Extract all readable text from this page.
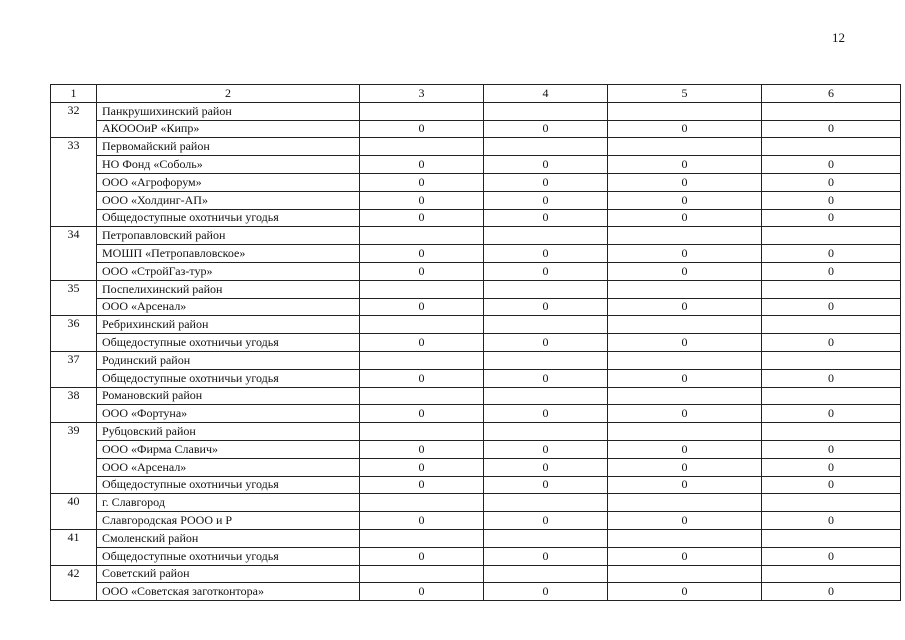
12
1	2	3	4	5	6
32	Панкрушихинский район				
	АКОООиР «Кипр»	0	0	0	0
33	Первомайский район				
	НО Фонд «Соболь»	0	0	0	0
	ООО «Агрофорум»	0	0	0	0
	ООО «Холдинг-АП»	0	0	0	0
	Общедоступные охотничьи угодья	0	0	0	0
34	Петропавловский район				
	МОШП «Петропавловское»	0	0	0	0
	ООО «СтройГаз-тур»	0	0	0	0
35	Поспелихинский район				
	ООО «Арсенал»	0	0	0	0
36	Ребрихинский район				
	Общедоступные охотничьи угодья	0	0	0	0
37	Родинский район				
	Общедоступные охотничьи угодья	0	0	0	0
38	Романовский район				
	ООО «Фортуна»	0	0	0	0
39	Рубцовский район				
	ООО «Фирма Славич»	0	0	0	0
	ООО «Арсенал»	0	0	0	0
	Общедоступные охотничьи угодья	0	0	0	0
40	г. Славгород				
	Славгородская РООО и Р	0	0	0	0
41	Смоленский район				
	Общедоступные охотничьи угодья	0	0	0	0
42	Советский район				
	ООО «Советская заготконтора»	0	0	0	0
